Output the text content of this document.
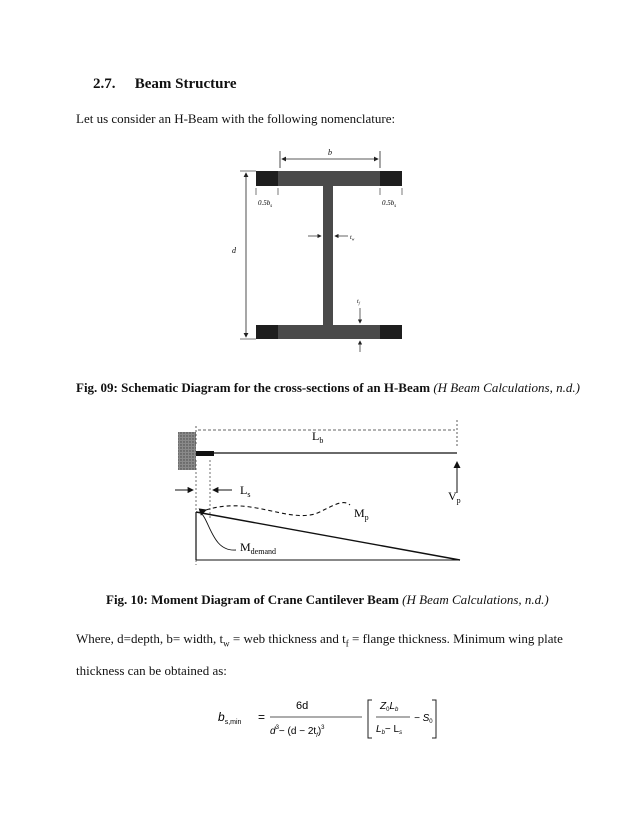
2.7. Beam Structure
Let us consider an H-Beam with the following nomenclature:
b
$0.5b_s$	$0.5b_s$
d
$t_w$
$t_f$
Fig. 09: Schematic Diagram for the cross-sections of an H-Beam (H Beam Calculations, n.d.)
$L_b$
$V_p$
$L_s$
$M_p$
$M_{demand}$
Fig. 10: Moment Diagram of Crane Cantilever Beam (H Beam Calculations, n.d.)
Where, d=depth, b= width, $t_w$ = web thickness and $t_f$ = flange thickness. Minimum wing plate
thickness can be obtained as:
$b_{s,min}$ =
6d
$d^3- (d - 2t_f)^3$
$Z_0L_b$
$L_b- L_s$
− $S_0$
